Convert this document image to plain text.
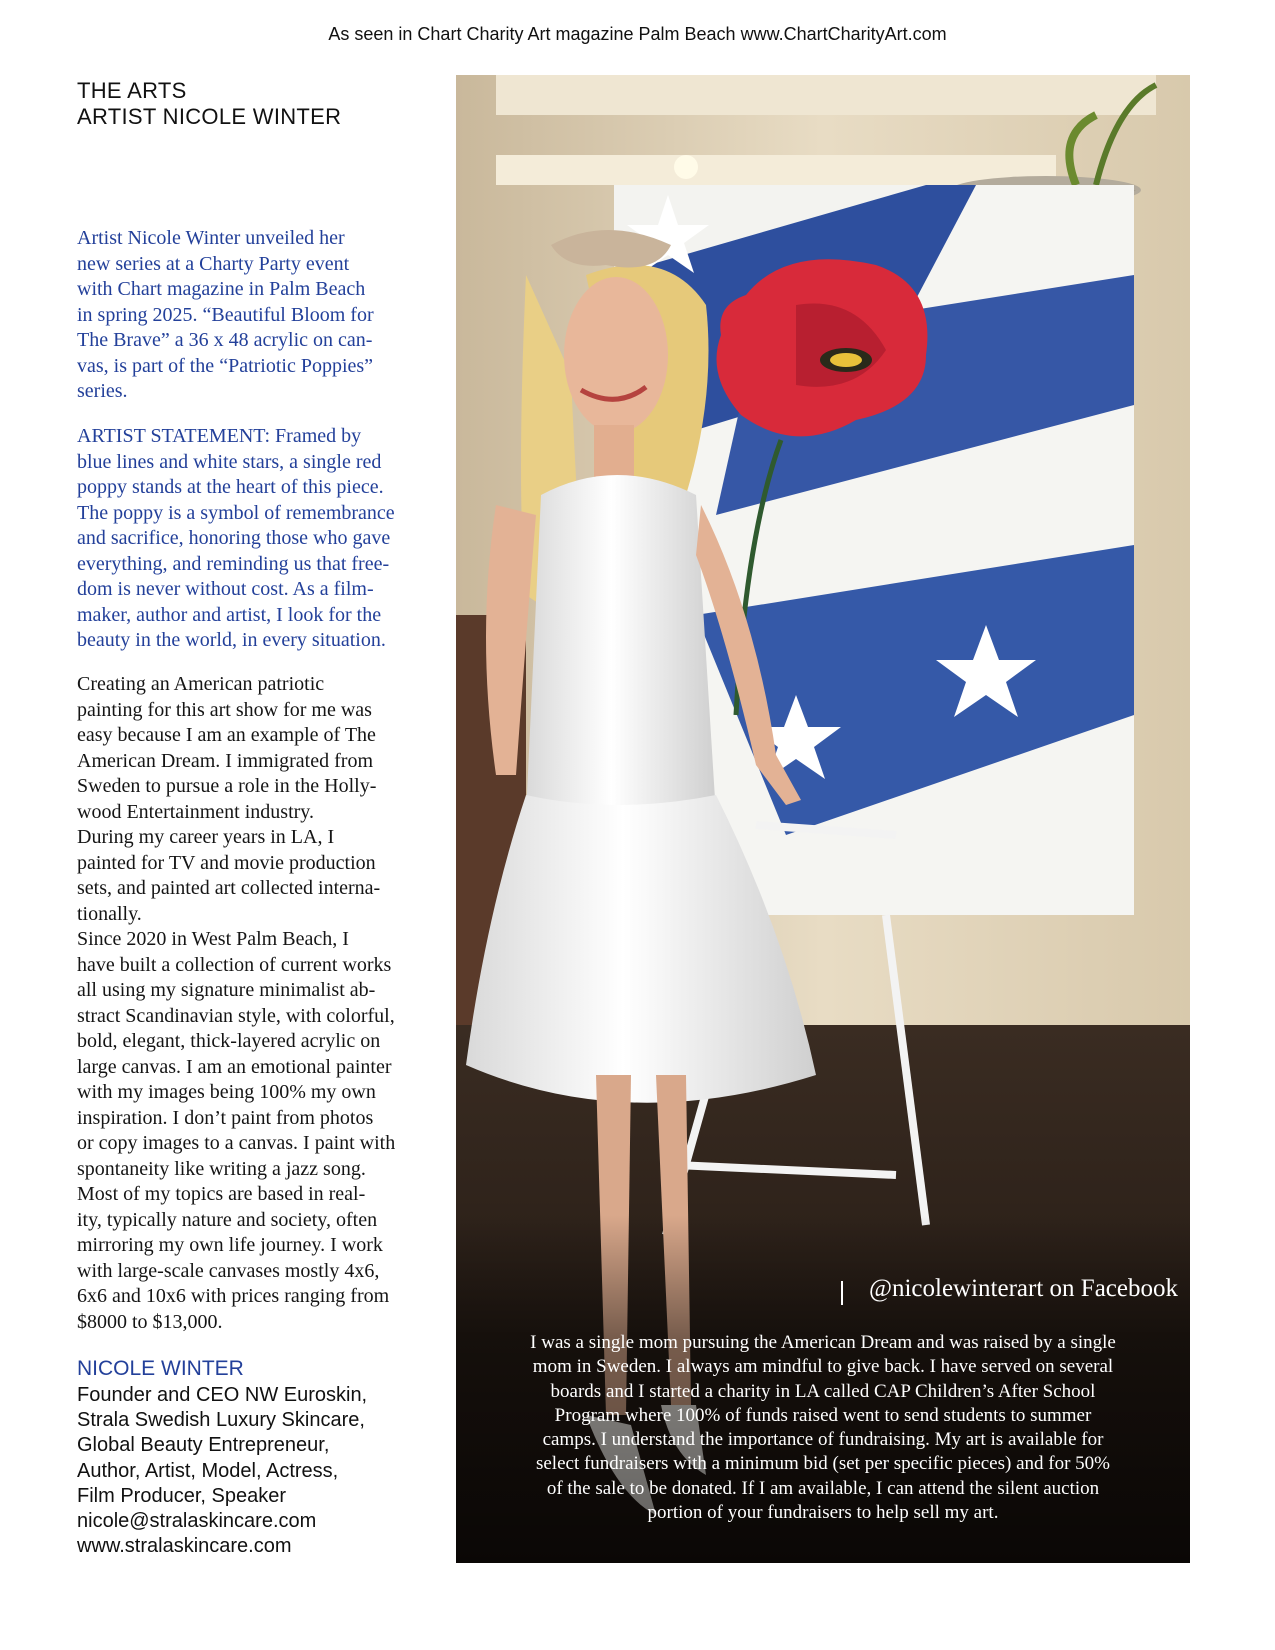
As seen in Chart Charity Art magazine Palm Beach www.ChartCharityArt.com
THE ARTS
ARTIST NICOLE WINTER
Artist Nicole Winter unveiled her
new series at a Charty Party event
with Chart magazine in Palm Beach
in spring 2025. “Beautiful Bloom for
The Brave” a 36 x 48 acrylic on can-
vas, is part of the “Patriotic Poppies”
series.
ARTIST STATEMENT: Framed by
blue lines and white stars, a single red
poppy stands at the heart of this piece.
The poppy is a symbol of remembrance
and sacrifice, honoring those who gave
everything, and reminding us that free-
dom is never without cost. As a film-
maker, author and artist, I look for the
beauty in the world, in every situation.
Creating an American patriotic
painting for this art show for me was
easy because I am an example of The
American Dream. I immigrated from
Sweden to pursue a role in the Holly-
wood Entertainment industry.
During my career years in LA, I
painted for TV and movie production
sets, and painted art collected interna-
tionally.
Since 2020 in West Palm Beach, I
have built a collection of current works
all using my signature minimalist ab-
stract Scandinavian style, with colorful,
bold, elegant, thick-layered acrylic on
large canvas. I am an emotional painter
with my images being 100% my own
inspiration. I don’t paint from photos
or copy images to a canvas. I paint with
spontaneity like writing a jazz song.
Most of my topics are based in real-
ity, typically nature and society, often
mirroring my own life journey. I work
with large-scale canvases mostly 4x6,
6x6 and 10x6 with prices ranging from
$8000 to $13,000.
NICOLE WINTER
Founder and CEO NW Euroskin,
Strala Swedish Luxury Skincare,
Global Beauty Entrepreneur,
Author, Artist, Model, Actress,
Film Producer, Speaker
nicole@stralaskincare.com
www.stralaskincare.com
@nicolewinterart on Facebook
I was a single mom pursuing the American Dream and was raised by a single
mom in Sweden. I always am mindful to give back. I have served on several
boards and I started a charity in LA called CAP Children’s After School
Program where 100% of funds raised went to send students to summer
camps. I understand the importance of fundraising. My art is available for
select fundraisers with a minimum bid (set per specific pieces) and for 50%
of the sale to be donated. If I am available, I can attend the silent auction
portion of your fundraisers to help sell my art.
